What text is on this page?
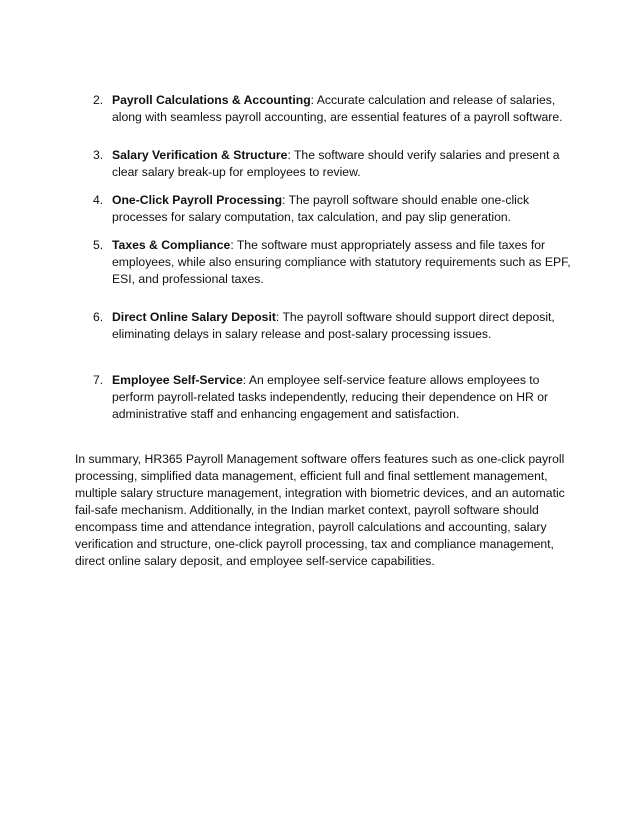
2. Payroll Calculations & Accounting: Accurate calculation and release of salaries, along with seamless payroll accounting, are essential features of a payroll software.
3. Salary Verification & Structure: The software should verify salaries and present a clear salary break-up for employees to review.
4. One-Click Payroll Processing: The payroll software should enable one-click processes for salary computation, tax calculation, and pay slip generation.
5. Taxes & Compliance: The software must appropriately assess and file taxes for employees, while also ensuring compliance with statutory requirements such as EPF, ESI, and professional taxes.
6. Direct Online Salary Deposit: The payroll software should support direct deposit, eliminating delays in salary release and post-salary processing issues.
7. Employee Self-Service: An employee self-service feature allows employees to perform payroll-related tasks independently, reducing their dependence on HR or administrative staff and enhancing engagement and satisfaction.

In summary, HR365 Payroll Management software offers features such as one-click payroll processing, simplified data management, efficient full and final settlement management, multiple salary structure management, integration with biometric devices, and an automatic fail-safe mechanism. Additionally, in the Indian market context, payroll software should encompass time and attendance integration, payroll calculations and accounting, salary verification and structure, one-click payroll processing, tax and compliance management, direct online salary deposit, and employee self-service capabilities.
